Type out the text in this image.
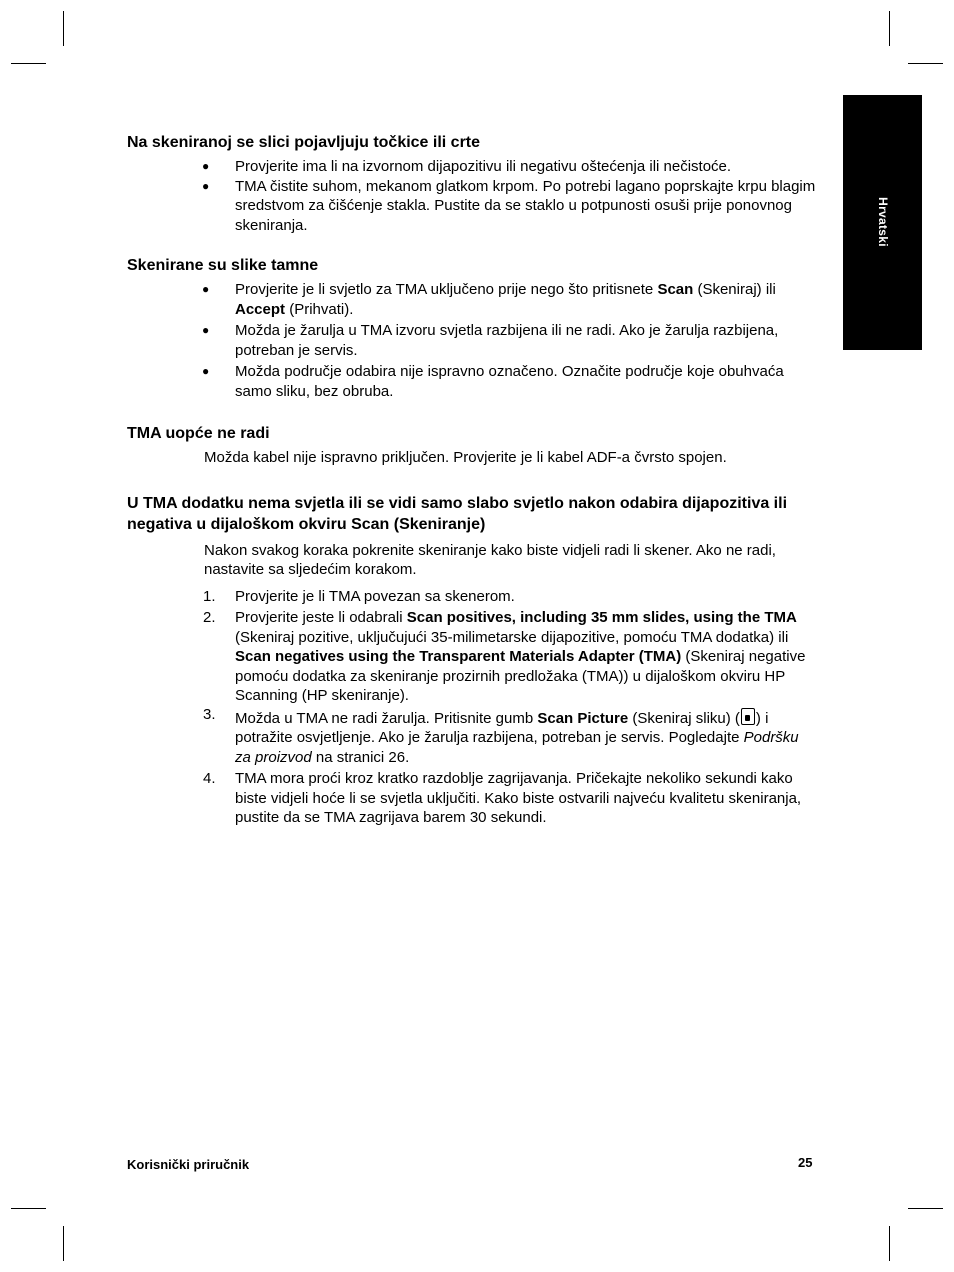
Hrvatski
Na skeniranoj se slici pojavljuju točkice ili crte
● Provjerite ima li na izvornom dijapozitivu ili negativu oštećenja ili nečistoće.
● TMA čistite suhom, mekanom glatkom krpom. Po potrebi lagano poprskajte krpu blagim sredstvom za čišćenje stakla. Pustite da se staklo u potpunosti osuši prije ponovnog skeniranja.
Skenirane su slike tamne
● Provjerite je li svjetlo za TMA uključeno prije nego što pritisnete Scan (Skeniraj) ili Accept (Prihvati).
● Možda je žarulja u TMA izvoru svjetla razbijena ili ne radi. Ako je žarulja razbijena, potreban je servis.
● Možda područje odabira nije ispravno označeno. Označite područje koje obuhvaća samo sliku, bez obruba.
TMA uopće ne radi

Možda kabel nije ispravno priključen. Provjerite je li kabel ADF-a čvrsto spojen.

U TMA dodatku nema svjetla ili se vidi samo slabo svjetlo nakon odabira dijapozitiva ili negativa u dijaloškom okviru Scan (Skeniranje)

Nakon svakog koraka pokrenite skeniranje kako biste vidjeli radi li skener. Ako ne radi, nastavite sa sljedećim korakom.

1. Provjerite je li TMA povezan sa skenerom.
2. Provjerite jeste li odabrali Scan positives, including 35 mm slides, using the TMA (Skeniraj pozitive, uključujući 35-milimetarske dijapozitive, pomoću TMA dodatka) ili Scan negatives using the Transparent Materials Adapter (TMA) (Skeniraj negative pomoću dodatka za skeniranje prozirnih predložaka (TMA)) u dijaloškom okviru HP Scanning (HP skeniranje).
3. Možda u TMA ne radi žarulja. Pritisnite gumb Scan Picture (Skeniraj sliku) ( ) i potražite osvjetljenje. Ako je žarulja razbijena, potreban je servis. Pogledajte Podršku za proizvod na stranici 26.
4. TMA mora proći kroz kratko razdoblje zagrijavanja. Pričekajte nekoliko sekundi kako biste vidjeli hoće li se svjetla uključiti. Kako biste ostvarili najveću kvalitetu skeniranja, pustite da se TMA zagrijava barem 30 sekundi.
Korisnički priručnik	25
